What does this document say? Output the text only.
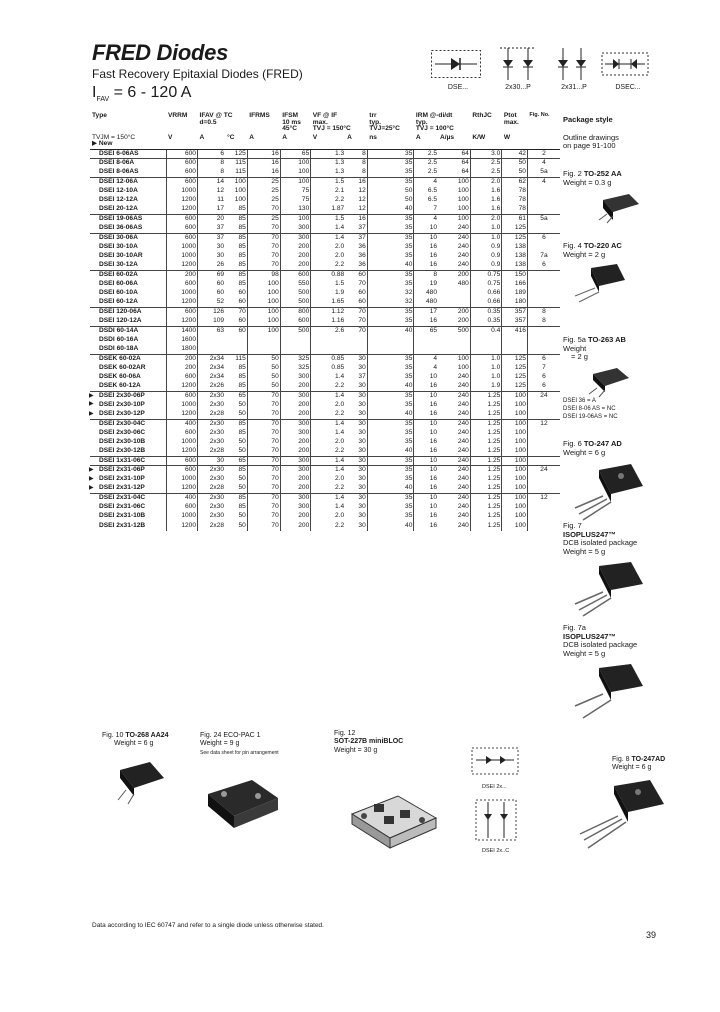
FRED Diodes
Fast Recovery Epitaxial Diodes (FRED)
$I_{FAV} = 6 - 120$ A	DSE...	2x30...P	2x31...P	DSEC...
Type	VRRM	IFAV @ TC
d=0.5		IFRMS	IFSM
10 ms
45°C	VF @ IF
max.
TVJ = 150°C		trr
typ.
TVJ=25°C	IRM @-di/dt
typ.
TVJ = 100°C		RthJC	Ptot
max.	Fig. No.
TVJM = 150°C
▶ New	V	A	°C	A	A	V	A	ns	A	A/µs	K/W	W	
DSEI 6-06AS	600	6	125	16	65	1.3	8	35	2.5	64	3.0	42	2
DSEI 8-06A	600	8	115	16	100	1.3	8	35	2.5	64	2.5	50	4
DSEI 8-06AS	600	8	115	16	100	1.3	8	35	2.5	64	2.5	50	5a
DSEI 12-06A	600	14	100	25	100	1.5	16	35	4	100	2.0	62	4
DSEI 12-10A	1000	12	100	25	75	2.1	12	50	6.5	100	1.6	78	
DSEI 12-12A	1200	11	100	25	75	2.2	12	50	6.5	100	1.6	78	
DSEI 20-12A	1200	17	85	70	130	1.87	12	40	7	100	1.6	78	
DSEI 19-06AS	600	20	85	25	100	1.5	16	35	4	100	2.0	61	5a
DSEI 36-06AS	600	37	85	70	300	1.4	37	35	10	240	1.0	125	
DSEI 30-06A	600	37	85	70	300	1.4	37	35	10	240	1.0	125	6
DSEI 30-10A	1000	30	85	70	200	2.0	36	35	16	240	0.9	138	
DSEI 30-10AR	1000	30	85	70	200	2.0	36	35	16	240	0.9	138	7a
DSEI 30-12A	1200	26	85	70	200	2.2	36	40	16	240	0.9	138	6
DSEI 60-02A	200	69	85	98	600	0.88	60	35	8	200	0.75	150	
DSEI 60-06A	600	60	85	100	550	1.5	70	35	19	480	0.75	166	
DSEI 60-10A	1000	60	60	100	500	1.9	60	32	480		0.66	189	
DSEI 60-12A	1200	52	60	100	500	1.65	60	32	480		0.66	180	
DSEI 120-06A	600	126	70	100	800	1.12	70	35	17	200	0.35	357	8
DSEI 120-12A	1200	109	60	100	600	1.16	70	35	16	200	0.35	357	8
DSDI 60-14A	1400	63	60	100	500	2.6	70	40	65	500	0.4	416	
DSDI 60-16A	1600												
DSDI 60-18A	1800												
DSEK 60-02A	200	2x34	115	50	325	0.85	30	35	4	100	1.0	125	6
DSEK 60-02AR	200	2x34	85	50	325	0.85	30	35	4	100	1.0	125	7
DSEK 60-06A	600	2x34	85	50	300	1.4	37	35	10	240	1.0	125	6
DSEK 60-12A	1200	2x26	85	50	200	2.2	30	40	16	240	1.9	125	6
▶ DSEI 2x30-06P	600	2x30	65	70	300	1.4	30	35	10	240	1.25	100	24
▶ DSEI 2x30-10P	1000	2x30	50	70	200	2.0	30	35	16	240	1.25	100	
▶ DSEI 2x30-12P	1200	2x28	50	70	200	2.2	30	40	16	240	1.25	100	
DSEI 2x30-04C	400	2x30	85	70	300	1.4	30	35	10	240	1.25	100	12
DSEI 2x30-06C	600	2x30	85	70	300	1.4	30	35	10	240	1.25	100	
DSEI 2x30-10B	1000	2x30	50	70	200	2.0	30	35	16	240	1.25	100	
DSEI 2x30-12B	1200	2x28	50	70	200	2.2	30	40	16	240	1.25	100	
DSEI 1x31-06C	600	30	65	70	300	1.4	30	35	10	240	1.25	100	
▶ DSEI 2x31-06P	600	2x30	85	70	300	1.4	30	35	10	240	1.25	100	24
▶ DSEI 2x31-10P	1000	2x30	50	70	200	2.0	30	35	16	240	1.25	100	
▶ DSEI 2x31-12P	1200	2x28	50	70	200	2.2	30	40	16	240	1.25	100	
DSEI 2x31-04C	400	2x30	85	70	300	1.4	30	35	10	240	1.25	100	12
DSEI 2x31-06C	600	2x30	85	70	300	1.4	30	35	10	240	1.25	100	
DSEI 2x31-10B	1000	2x30	50	70	200	2.0	30	35	16	240	1.25	100	
DSEI 2x31-12B	1200	2x28	50	70	200	2.2	30	40	16	240	1.25	100	
Package style
Outline drawings
on page 91-100
Fig. 2 TO-252 AA
Weight = 0.3 g
Fig. 4 TO-220 AC
Weight = 2 g
Fig. 5a TO-263 AB
Weight
= 2 g
DSEI 36 = A
DSEI 8-06 AS = NC
DSEI 19-06AS = NC
Fig. 6 TO-247 AD
Weight = 6 g
Fig. 7
ISOPLUS247™
DCB isolated package
Weight = 5 g
Fig. 7a
ISOPLUS247™
DCB isolated package
Weight = 5 g
Fig. 10 TO-268 AA24
Weight = 6 g
Fig. 24 ECO-PAC 1
Weight = 9 g
See data sheet for pin arrangement
Fig. 12
SOT-227B miniBLOC
Weight = 30 g
DSEI 2x...
DSEI 2x..C
Fig. 8 TO-247AD
Weight = 6 g
Data according to IEC 60747 and refer to a single diode unless otherwise stated.
39
